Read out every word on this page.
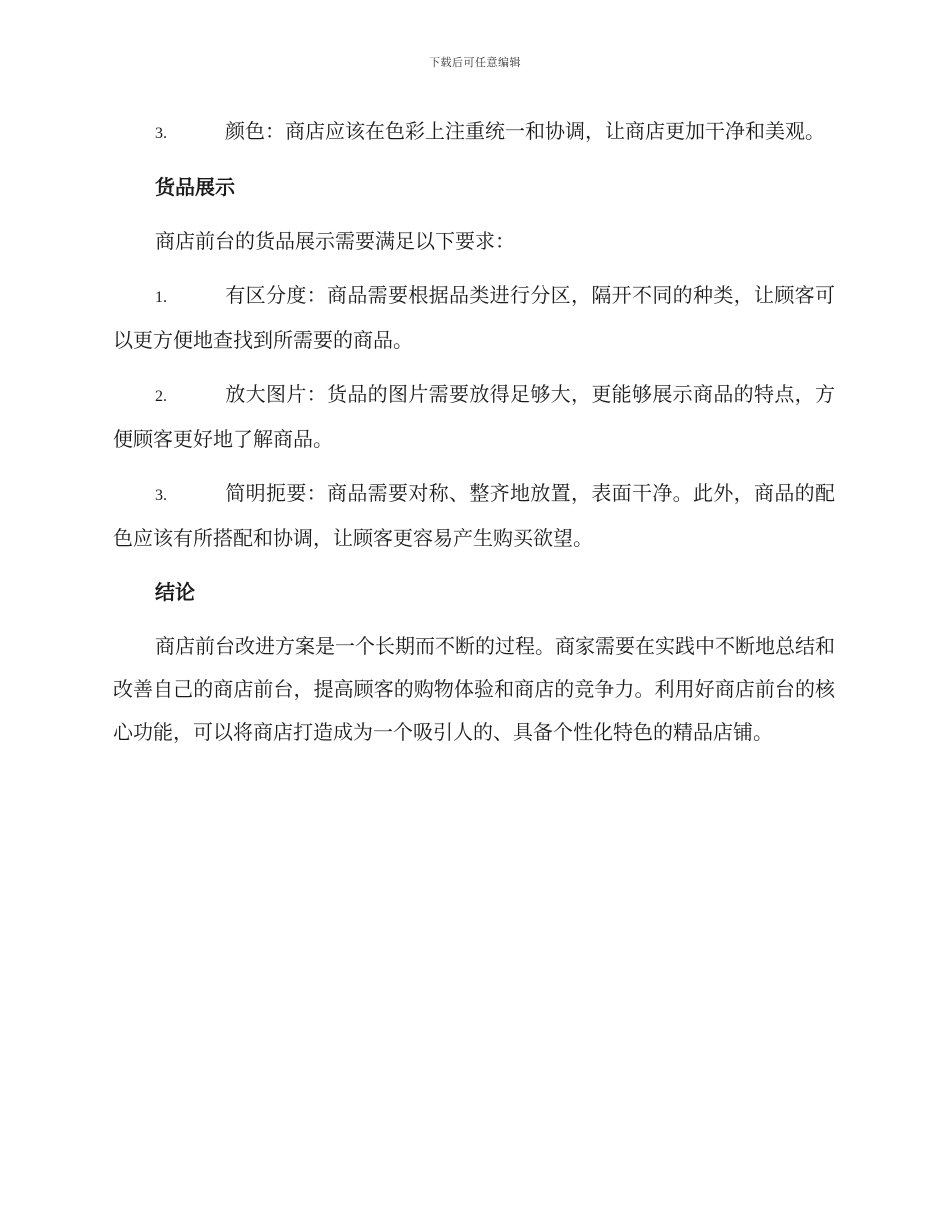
下载后可任意编辑

3.	颜色：商店应该在色彩上注重统一和协调，让商店更加干净和美观。

货品展示

商店前台的货品展示需要满足以下要求：

1.	有区分度：商品需要根据品类进行分区，隔开不同的种类，让顾客可以更方便地查找到所需要的商品。

2.	放大图片：货品的图片需要放得足够大，更能够展示商品的特点，方便顾客更好地了解商品。

3.	简明扼要：商品需要对称、整齐地放置，表面干净。此外，商品的配色应该有所搭配和协调，让顾客更容易产生购买欲望。

结论

商店前台改进方案是一个长期而不断的过程。商家需要在实践中不断地总结和改善自己的商店前台，提高顾客的购物体验和商店的竞争力。利用好商店前台的核心功能，可以将商店打造成为一个吸引人的、具备个性化特色的精品店铺。
